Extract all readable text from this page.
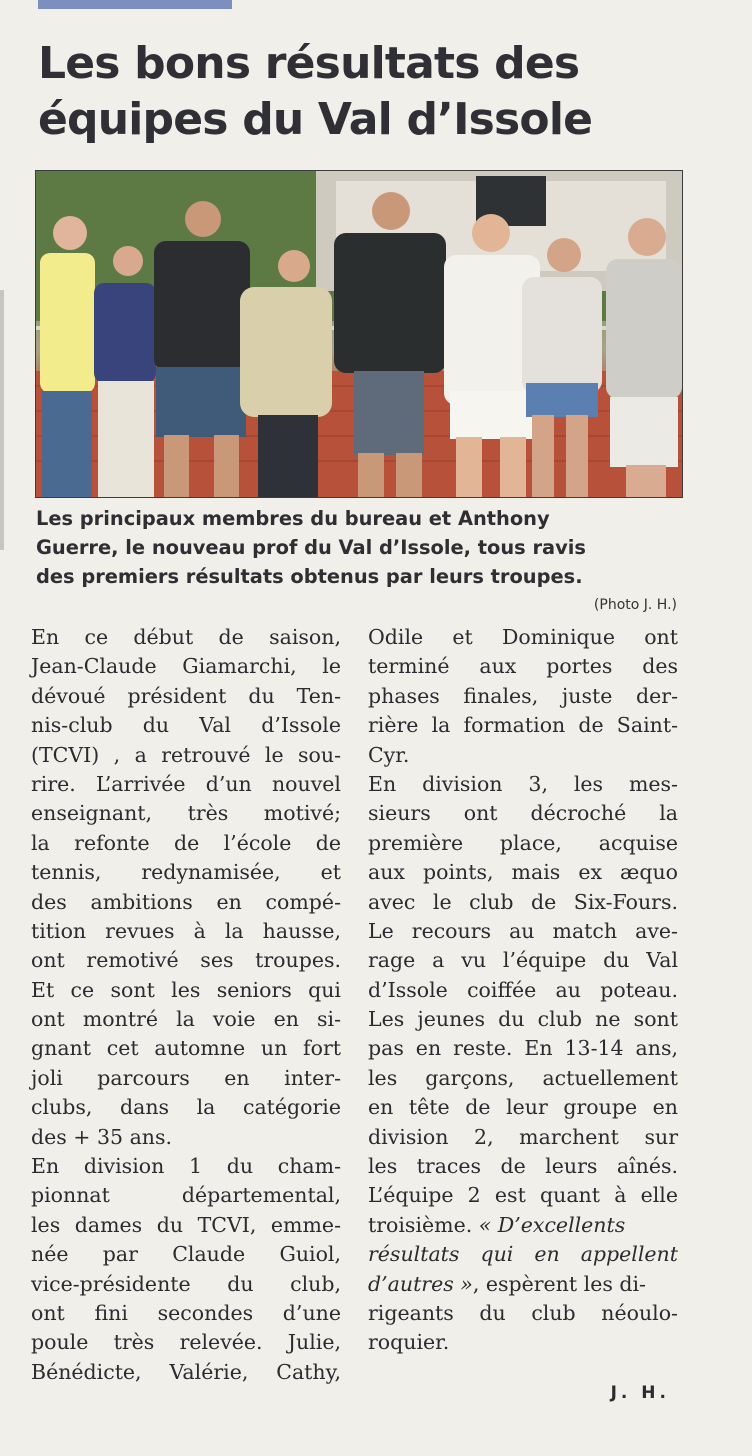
Les bons résultats des
équipes du Val d’Issole

Les principaux membres du bureau et Anthony
Guerre, le nouveau prof du Val d’Issole, tous ravis
des premiers résultats obtenus par leurs troupes.

(Photo J. H.)
En ce début de saison,
Jean-Claude Giamarchi, le
dévoué président du Ten-
nis-club du Val d’Issole
(TCVI) , a retrouvé le sou-
rire. L’arrivée d’un nouvel
enseignant, très motivé;
la refonte de l’école de
tennis, redynamisée, et
des ambitions en compé-
tition revues à la hausse,
ont remotivé ses troupes.
Et ce sont les seniors qui
ont montré la voie en si-
gnant cet automne un fort
joli parcours en inter-
clubs, dans la catégorie
des + 35 ans.
En division 1 du cham-
pionnat départemental,
les dames du TCVI, emme-
née par Claude Guiol,
vice-présidente du club,
ont fini secondes d’une
poule très relevée. Julie,
Bénédicte, Valérie, Cathy,
Odile et Dominique ont
terminé aux portes des
phases finales, juste der-
rière la formation de Saint-
Cyr.
En division 3, les mes-
sieurs ont décroché la
première place, acquise
aux points, mais ex æquo
avec le club de Six-Fours.
Le recours au match ave-
rage a vu l’équipe du Val
d’Issole coiffée au poteau.
Les jeunes du club ne sont
pas en reste. En 13-14 ans,
les garçons, actuellement
en tête de leur groupe en
division 2, marchent sur
les traces de leurs aînés.
L’équipe 2 est quant à elle
troisième. « D’excellents
résultats qui en appellent
d’autres », espèrent les di-
rigeants du club néoulo-
roquier.
J. H.
